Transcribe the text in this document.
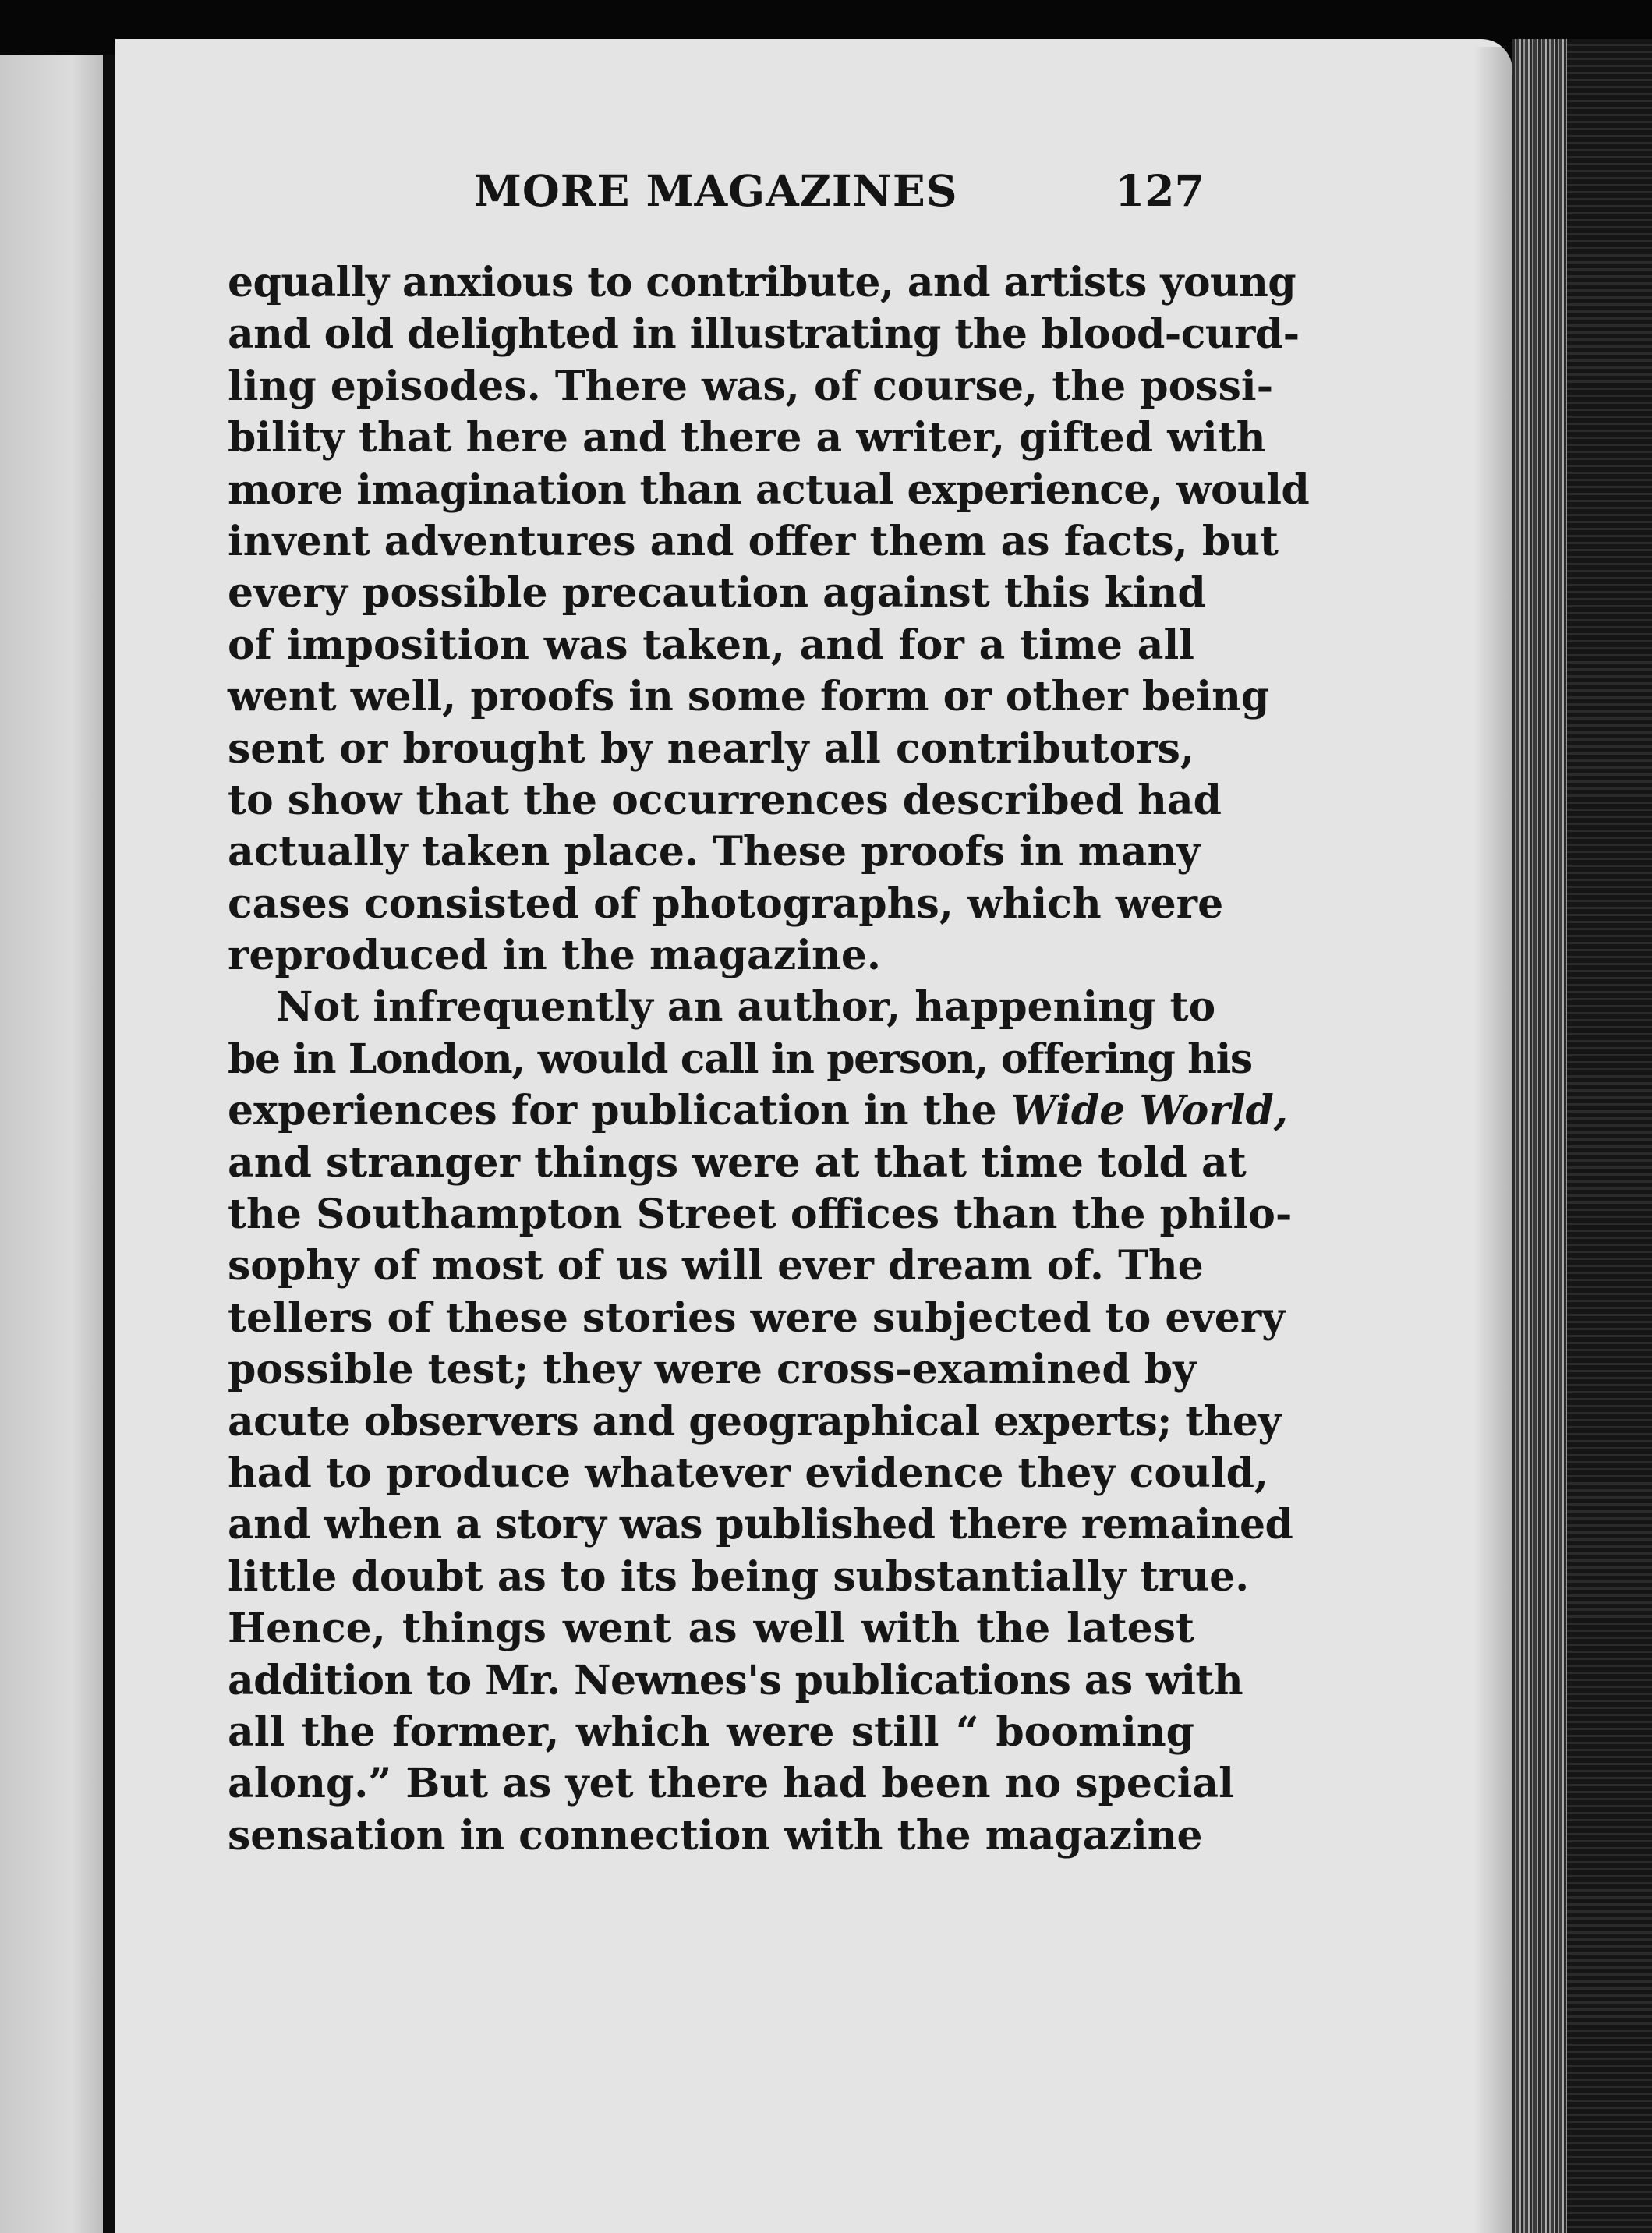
MORE MAGAZINES	127
equally anxious to contribute, and artists young
and old delighted in illustrating the blood-curd-
ling episodes. There was, of course, the possi-
bility that here and there a writer, gifted with
more imagination than actual experience, would
invent adventures and offer them as facts, but
every possible precaution against this kind
of imposition was taken, and for a time all
went well, proofs in some form or other being
sent or brought by nearly all contributors,
to show that the occurrences described had
actually taken place. These proofs in many
cases consisted of photographs, which were
reproduced in the magazine.
Not infrequently an author, happening to
be in London, would call in person, offering his
experiences for publication in the Wide World,
and stranger things were at that time told at
the Southampton Street offices than the philo-
sophy of most of us will ever dream of. The
tellers of these stories were subjected to every
possible test; they were cross-examined by
acute observers and geographical experts; they
had to produce whatever evidence they could,
and when a story was published there remained
little doubt as to its being substantially true.
Hence, things went as well with the latest
addition to Mr. Newnes's publications as with
all the former, which were still “ booming
along.” But as yet there had been no special
sensation in connection with the magazine
